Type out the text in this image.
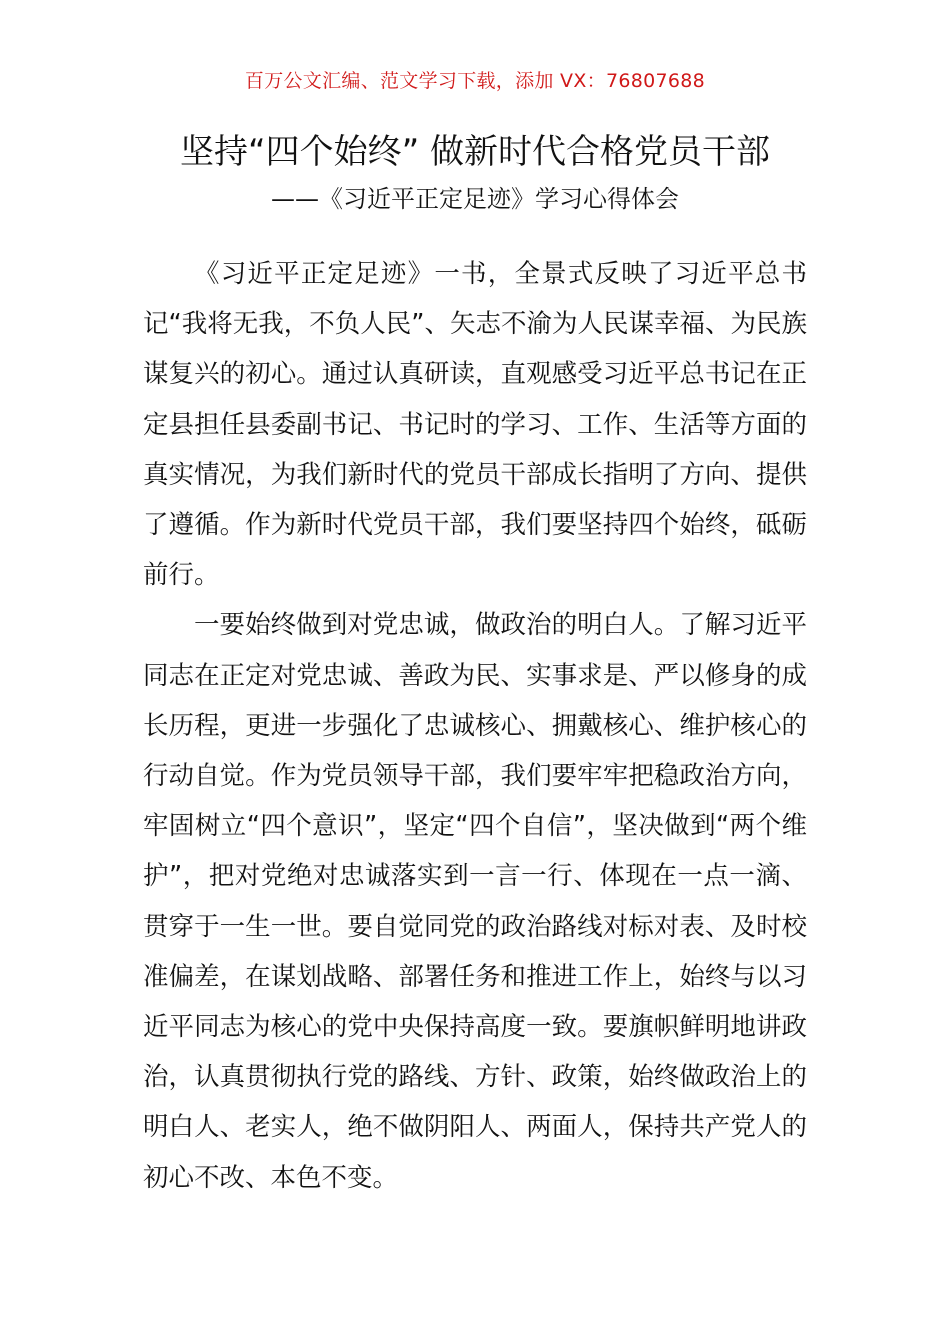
百万公文汇编、范文学习下载，添加 VX：76807688
坚持“四个始终” 做新时代合格党员干部
——《习近平正定足迹》学习心得体会

《习近平正定足迹》一书，全景式反映了习近平总书记“我将无我，不负人民”、矢志不渝为人民谋幸福、为民族谋复兴的初心。通过认真研读，直观感受习近平总书记在正定县担任县委副书记、书记时的学习、工作、生活等方面的真实情况，为我们新时代的党员干部成长指明了方向、提供了遵循。作为新时代党员干部，我们要坚持四个始终，砥砺前行。

一要始终做到对党忠诚，做政治的明白人。了解习近平同志在正定对党忠诚、善政为民、实事求是、严以修身的成长历程，更进一步强化了忠诚核心、拥戴核心、维护核心的行动自觉。作为党员领导干部，我们要牢牢把稳政治方向，牢固树立“四个意识”，坚定“四个自信”，坚决做到“两个维护”，把对党绝对忠诚落实到一言一行、体现在一点一滴、贯穿于一生一世。要自觉同党的政治路线对标对表、及时校准偏差，在谋划战略、部署任务和推进工作上，始终与以习近平同志为核心的党中央保持高度一致。要旗帜鲜明地讲政治，认真贯彻执行党的路线、方针、政策，始终做政治上的明白人、老实人，绝不做阴阳人、两面人，保持共产党人的初心不改、本色不变。
